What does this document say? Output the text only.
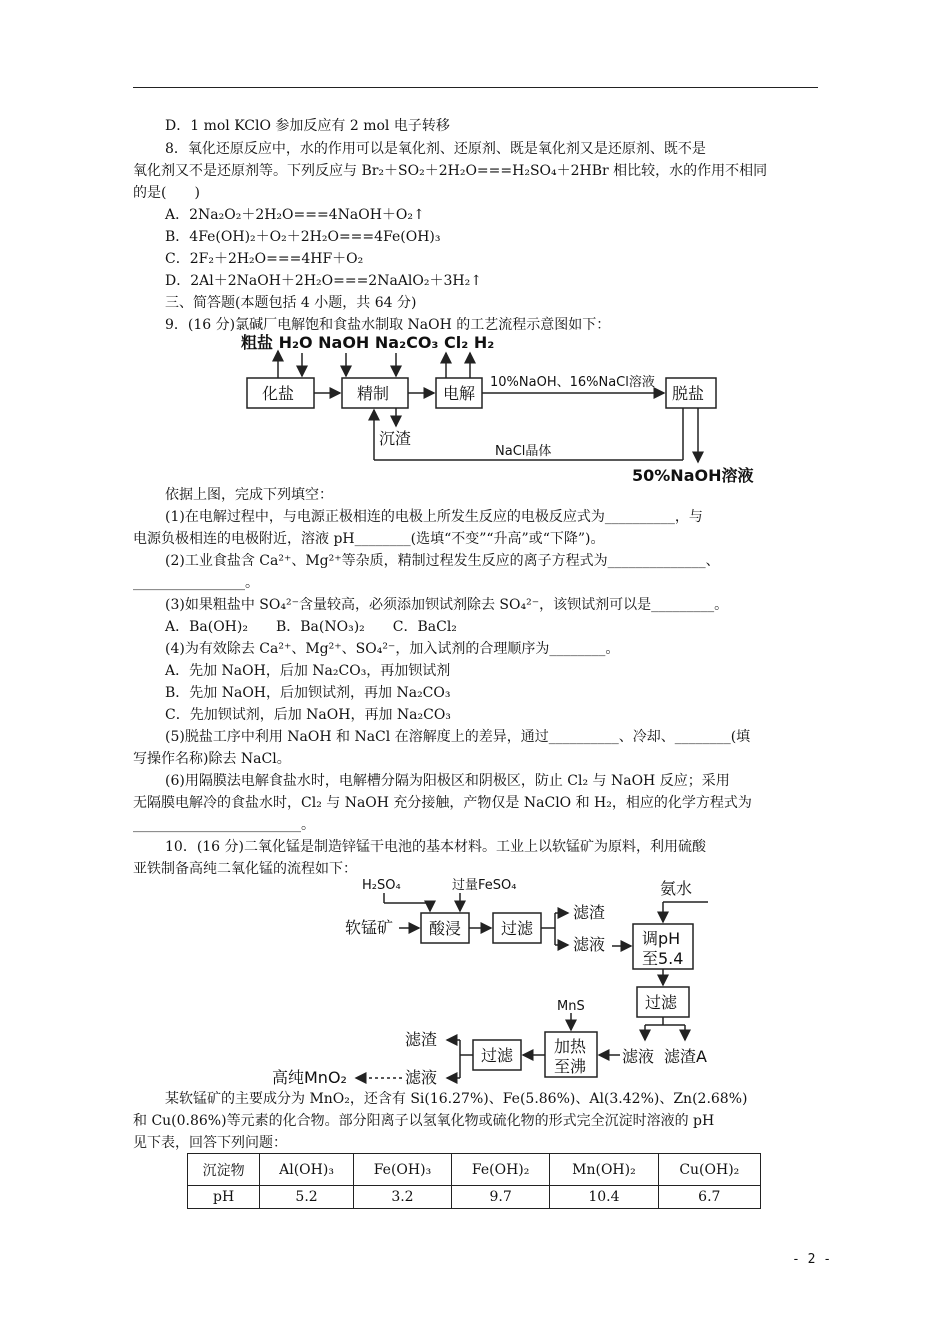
D．1 mol KClO 参加反应有 2 mol 电子转移
8．氧化还原反应中，水的作用可以是氧化剂、还原剂、既是氧化剂又是还原剂、既不是
氧化剂又不是还原剂等。下列反应与 Br₂＋SO₂＋2H₂O===H₂SO₄＋2HBr 相比较，水的作用不相同
的是(　　)
A．2Na₂O₂＋2H₂O===4NaOH＋O₂↑
B．4Fe(OH)₂＋O₂＋2H₂O===4Fe(OH)₃
C．2F₂＋2H₂O===4HF＋O₂
D．2Al＋2NaOH＋2H₂O===2NaAlO₂＋3H₂↑
三、简答题(本题包括 4 小题，共 64 分)
9．(16 分)氯碱厂电解饱和食盐水制取 NaOH 的工艺流程示意图如下：
粗盐 H₂O NaOH Na₂CO₃ Cl₂ H₂
化盐	精制	电解	脱盐
10%NaOH、16%NaCl溶液
沉渣
NaCl晶体
50%NaOH溶液
依据上图，完成下列填空：
(1)在电解过程中，与电源正极相连的电极上所发生反应的电极反应式为__________，与
电源负极相连的电极附近，溶液 pH________(选填“不变”“升高”或“下降”)。
(2)工业食盐含 Ca²⁺、Mg²⁺等杂质，精制过程发生反应的离子方程式为______________、
________________。
(3)如果粗盐中 SO₄²⁻含量较高，必须添加钡试剂除去 SO₄²⁻，该钡试剂可以是_________。
A．Ba(OH)₂　　B．Ba(NO₃)₂　　C．BaCl₂
(4)为有效除去 Ca²⁺、Mg²⁺、SO₄²⁻，加入试剂的合理顺序为________。
A．先加 NaOH，后加 Na₂CO₃，再加钡试剂
B．先加 NaOH，后加钡试剂，再加 Na₂CO₃
C．先加钡试剂，后加 NaOH，再加 Na₂CO₃
(5)脱盐工序中利用 NaOH 和 NaCl 在溶解度上的差异，通过__________、冷却、________(填
写操作名称)除去 NaCl。
(6)用隔膜法电解食盐水时，电解槽分隔为阳极区和阴极区，防止 Cl₂ 与 NaOH 反应；采用
无隔膜电解冷的食盐水时，Cl₂ 与 NaOH 充分接触，产物仅是 NaClO 和 H₂，相应的化学方程式为
________________________。
10．(16 分)二氧化锰是制造锌锰干电池的基本材料。工业上以软锰矿为原料，利用硫酸
亚铁制备高纯二氧化锰的流程如下：
H₂SO₄	过量FeSO₄
软锰矿 酸浸 过滤
滤渣
滤液
氨水
调pH
至5.4
过滤
滤液 滤渣A
MnS
加热
至沸
过滤
滤渣
滤液
高纯MnO₂
某软锰矿的主要成分为 MnO₂，还含有 Si(16.27%)、Fe(5.86%)、Al(3.42%)、Zn(2.68%)
和 Cu(0.86%)等元素的化合物。部分阳离子以氢氧化物或硫化物的形式完全沉淀时溶液的 pH
见下表，回答下列问题：
沉淀物	Al(OH)₃	Fe(OH)₃	Fe(OH)₂	Mn(OH)₂	Cu(OH)₂
pH	5.2	3.2	9.7	10.4	6.7
- 2 -
